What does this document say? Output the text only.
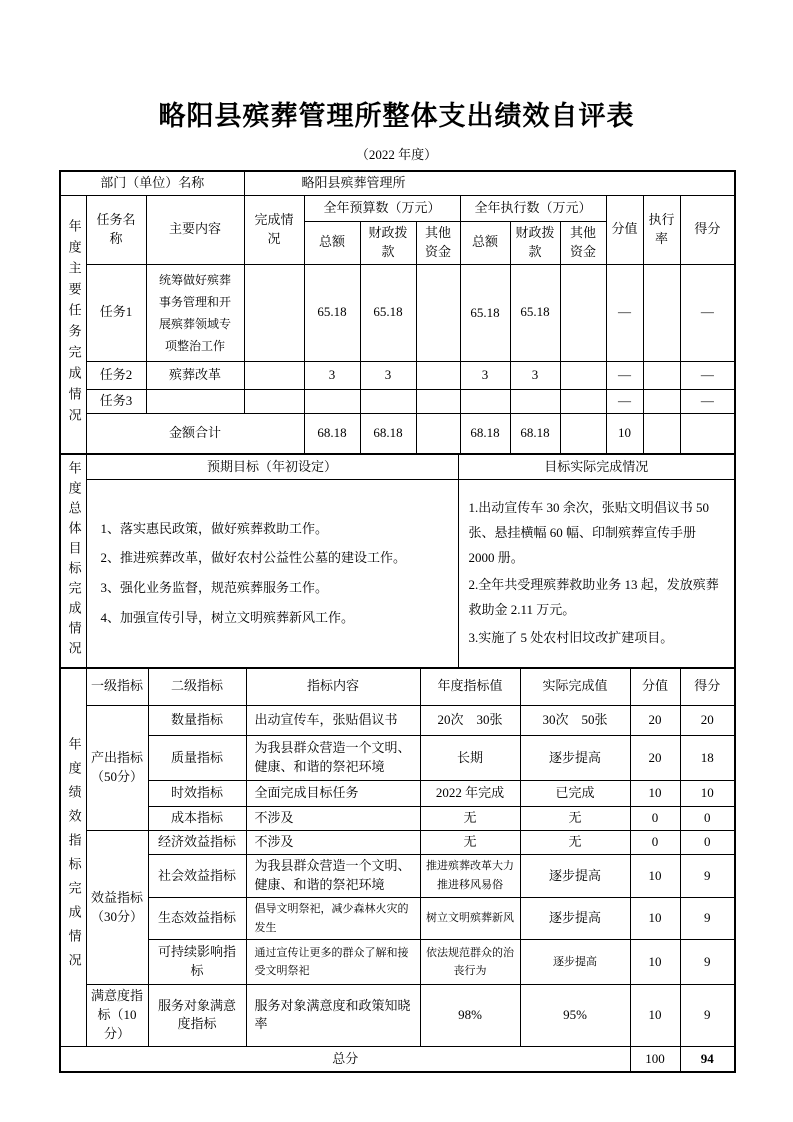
略阳县殡葬管理所整体支出绩效自评表
（2022 年度）
部门（单位）名称			略阳县殡葬管理所									
年度主要任务完成情况	任务名称	主要内容	完成情况	全年预算数（万元）			全年执行数（万元）			分值	执行率	得分
				总额	财政拨款	其他资金	总额	财政拨款	其他资金			
	任务1	统筹做好殡葬事务管理和开展殡葬领域专项整治工作		65.18	65.18		65.18	65.18		—		—
	任务2	殡葬改革		3	3		3	3		—		—
	任务3									—		—
	金额合计			68.18	68.18		68.18	68.18		10		
年度总体目标完成情况	预期目标（年初设定）	目标实际完成情况

1、落实惠民政策，做好殡葬救助工作。

2、推进殡葬改革，做好农村公益性公墓的建设工作。

3、强化业务监督，规范殡葬服务工作。

4、加强宣传引导，树立文明殡葬新风工作。

1.出动宣传车 30 余次，张贴文明倡议书 50 张、悬挂横幅 60 幅、印制殡葬宣传手册 2000 册。

2.全年共受理殡葬救助业务 13 起，发放殡葬救助金 2.11 万元。

3.实施了 5 处农村旧坟改扩建项目。

年度绩效指标完成情况	一级指标	二级指标	指标内容	年度指标值	实际完成值	分值	得分
	产出指标（50分）	数量指标	出动宣传车，张贴倡议书	20次　30张	30次　50张	20	20
		质量指标	为我县群众营造一个文明、健康、和谐的祭祀环境	长期	逐步提高	20	18
		时效指标	全面完成目标任务	2022 年完成	已完成	10	10
		成本指标	不涉及	无	无	0	0
	效益指标（30分）	经济效益指标	不涉及	无	无	0	0
		社会效益指标	为我县群众营造一个文明、健康、和谐的祭祀环境	推进殡葬改革大力推进移风易俗	逐步提高	10	9
		生态效益指标	倡导文明祭祀，减少森林火灾的发生	树立文明殡葬新风	逐步提高	10	9
		可持续影响指标	通过宣传让更多的群众了解和接受文明祭祀	依法规范群众的治丧行为	逐步提高	10	9
	满意度指标（10分）	服务对象满意度指标	服务对象满意度和政策知晓率	98%	95%	10	9
总分						100	94
